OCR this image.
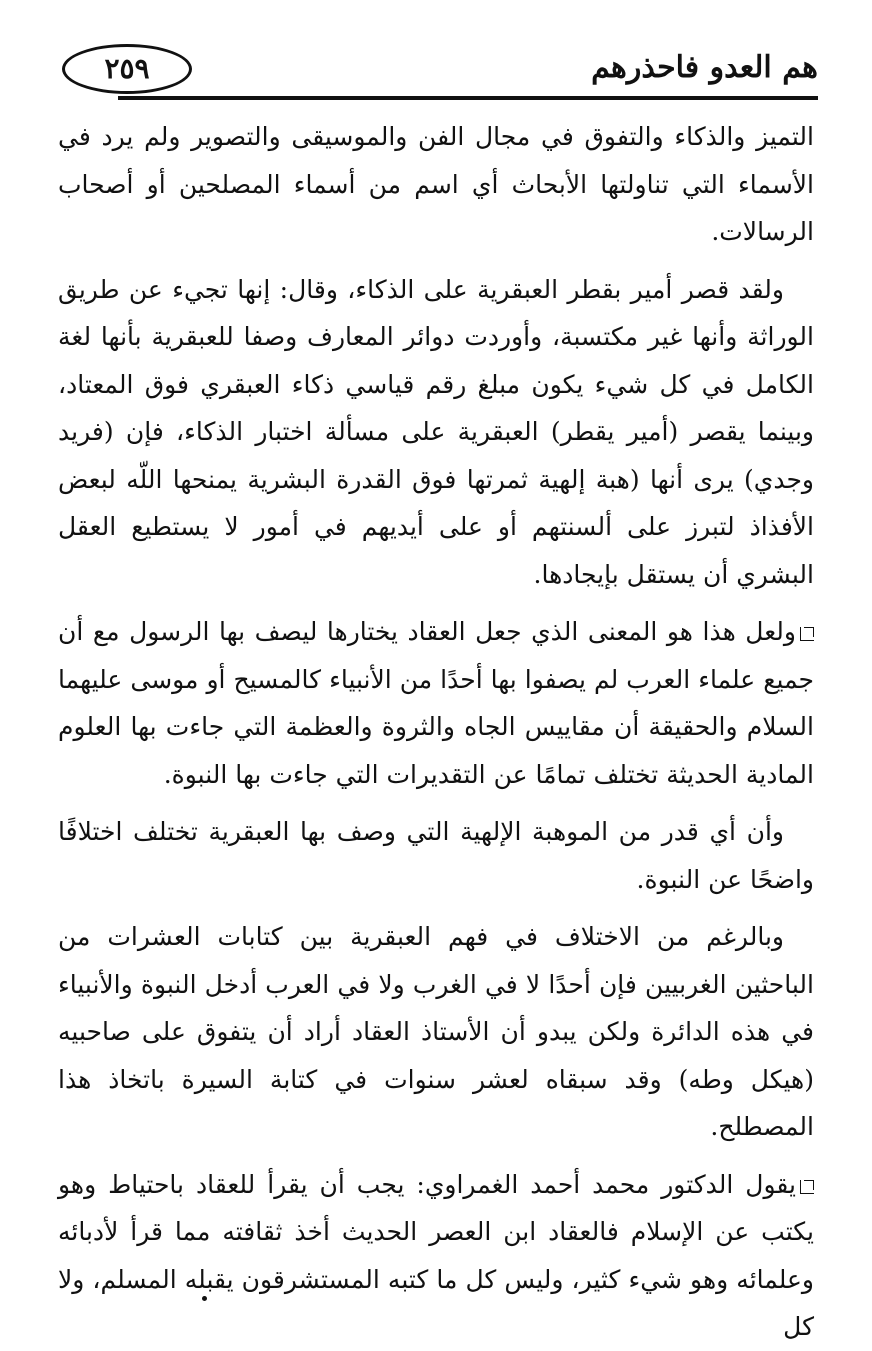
هم العدو فاحذرهم
٢٥٩

التميز والذكاء والتفوق في مجال الفن والموسيقى والتصوير ولم يرد في الأسماء التي تناولتها الأبحاث أي اسم من أسماء المصلحين أو أصحاب الرسالات.

ولقد قصر أمير بقطر العبقرية على الذكاء، وقال: إنها تجيء عن طريق الوراثة وأنها غير مكتسبة، وأوردت دوائر المعارف وصفا للعبقرية بأنها لغة الكامل في كل شيء يكون مبلغ رقم قياسي ذكاء العبقري فوق المعتاد، وبينما يقصر (أمير يقطر) العبقرية على مسألة اختبار الذكاء، فإن (فريد وجدي) يرى أنها (هبة إلهية ثمرتها فوق القدرة البشرية يمنحها اللّه لبعض الأفذاذ لتبرز على ألسنتهم أو على أيديهم في أمور لا يستطيع العقل البشري أن يستقل بإيجادها.

ولعل هذا هو المعنى الذي جعل العقاد يختارها ليصف بها الرسول مع أن جميع علماء العرب لم يصفوا بها أحدًا من الأنبياء كالمسيح أو موسى عليهما السلام والحقيقة أن مقاييس الجاه والثروة والعظمة التي جاءت بها العلوم المادية الحديثة تختلف تمامًا عن التقديرات التي جاءت بها النبوة.

وأن أي قدر من الموهبة الإلهية التي وصف بها العبقرية تختلف اختلافًا واضحًا عن النبوة.

وبالرغم من الاختلاف في فهم العبقرية بين كتابات العشرات من الباحثين الغربيين فإن أحدًا لا في الغرب ولا في العرب أدخل النبوة والأنبياء في هذه الدائرة ولكن يبدو أن الأستاذ العقاد أراد أن يتفوق على صاحبيه (هيكل وطه) وقد سبقاه لعشر سنوات في كتابة السيرة باتخاذ هذا المصطلح.

يقول الدكتور محمد أحمد الغمراوي: يجب أن يقرأ للعقاد باحتياط وهو يكتب عن الإسلام فالعقاد ابن العصر الحديث أخذ ثقافته مما قرأ لأدبائه وعلمائه وهو شيء كثير، وليس كل ما كتبه المستشرقون يقبله المسلم، ولا كل
